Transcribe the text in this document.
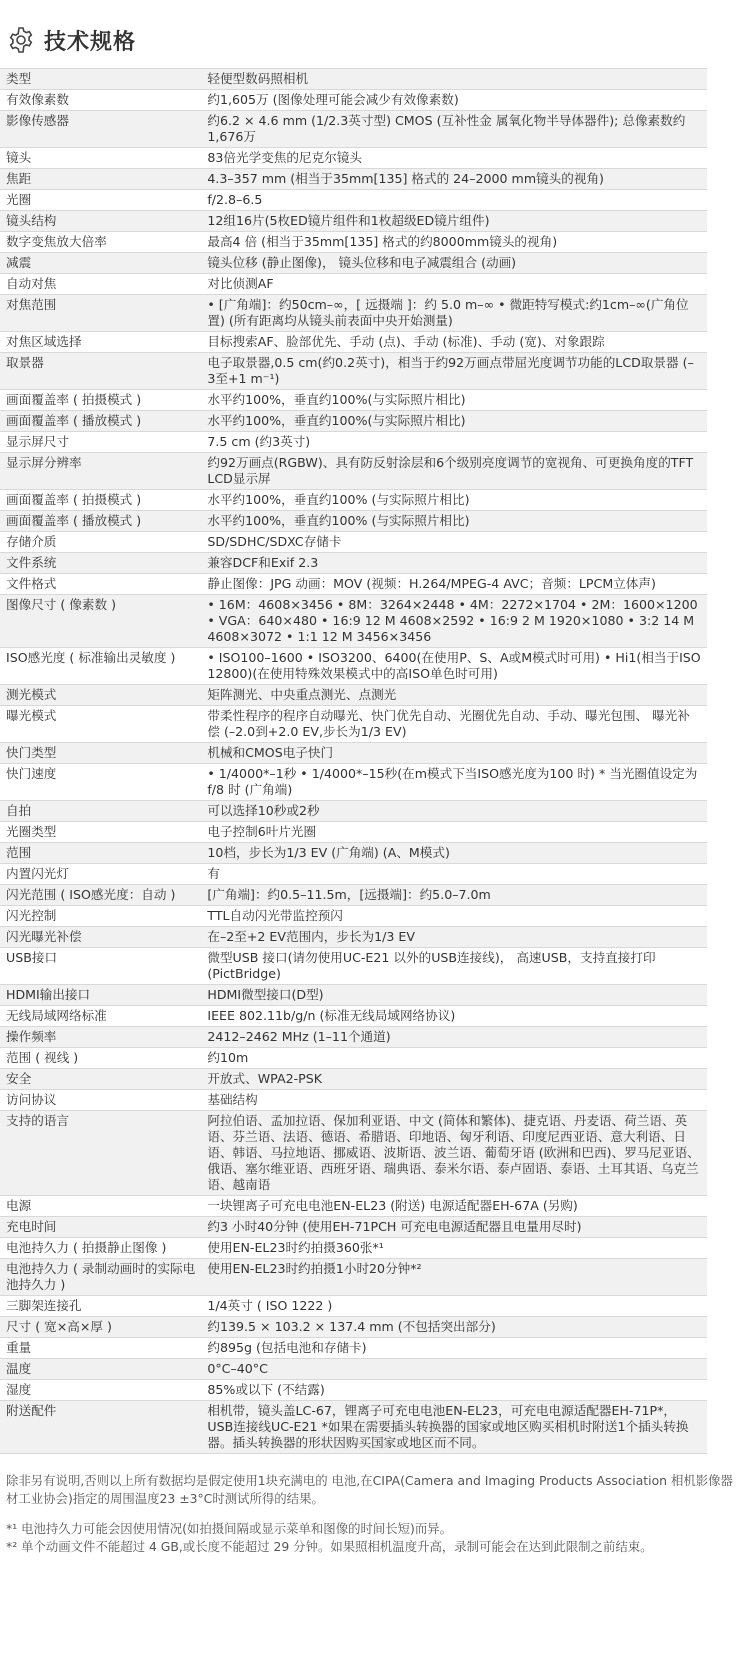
技术规格
类型	轻便型数码照相机
有效像素数	约1,605万 (图像处理可能会减少有效像素数)
影像传感器	约6.2 × 4.6 mm (1/2.3英寸型) CMOS (互补性金 属氧化物半导体器件); 总像素数约1,676万
镜头	83倍光学变焦的尼克尔镜头
焦距	4.3–357 mm (相当于35mm[135] 格式的 24–2000 mm镜头的视角)
光圈	f/2.8–6.5
镜头结构	12组16片(5枚ED镜片组件和1枚超级ED镜片组件)
数字变焦放大倍率	最高4 倍 (相当于35mm[135] 格式的约8000mm镜头的视角)
减震	镜头位移 (静止图像)， 镜头位移和电子减震组合 (动画)
自动对焦	对比侦测AF
对焦范围	• [广角端]：约50cm–∞，[ 远摄端 ]：约 5.0 m–∞ • 微距特写模式:约1cm–∞(广角位置) (所有距离均从镜头前表面中央开始测量)
对焦区域选择	目标搜索AF、脸部优先、手动 (点)、手动 (标准)、手动 (宽)、对象跟踪
取景器	电子取景器,0.5 cm(约0.2英寸)，相当于约92万画点带屈光度调节功能的LCD取景器 (–3至+1 m⁻¹)
画面覆盖率 ( 拍摄模式 )	水平约100%，垂直约100%(与实际照片相比)
画面覆盖率 ( 播放模式 )	水平约100%，垂直约100%(与实际照片相比)
显示屏尺寸	7.5 cm (约3英寸)
显示屏分辨率	约92万画点(RGBW)、具有防反射涂层和6个级别亮度调节的宽视角、可更换角度的TFT LCD显示屏
画面覆盖率 ( 拍摄模式 )	水平约100%，垂直约100% (与实际照片相比)
画面覆盖率 ( 播放模式 )	水平约100%，垂直约100% (与实际照片相比)
存储介质	SD/SDHC/SDXC存储卡
文件系统	兼容DCF和Exif 2.3
文件格式	静止图像：JPG 动画：MOV (视频：H.264/MPEG-4 AVC；音频：LPCM立体声)
图像尺寸 ( 像素数 )	• 16M：4608×3456 • 8M：3264×2448 • 4M：2272×1704 • 2M：1600×1200 • VGA：640×480 • 16:9 12 M 4608×2592 • 16:9 2 M 1920×1080 • 3:2 14 M 4608×3072 • 1:1 12 M 3456×3456
ISO感光度 ( 标准输出灵敏度 )	• ISO100–1600 • ISO3200、6400(在使用P、S、A或M模式时可用) • Hi1(相当于ISO 12800)(在使用特殊效果模式中的高ISO单色时可用)
测光模式	矩阵测光、中央重点测光、点测光
曝光模式	带柔性程序的程序自动曝光、快门优先自动、光圈优先自动、手动、曝光包围、 曝光补偿 (–2.0到+2.0 EV,步长为1/3 EV)
快门类型	机械和CMOS电子快门
快门速度	• 1/4000*–1秒 • 1/4000*–15秒(在m模式下当ISO感光度为100 时) * 当光圈值设定为 f/8 时 (广角端)
自拍	可以选择10秒或2秒
光圈类型	电子控制6叶片光圈
范围	10档，步长为1/3 EV (广角端) (A、M模式)
内置闪光灯	有
闪光范围 ( ISO感光度：自动 )	[广角端]：约0.5–11.5m，[远摄端]：约5.0–7.0m
闪光控制	TTL自动闪光带监控预闪
闪光曝光补偿	在–2至+2 EV范围内，步长为1/3 EV
USB接口	微型USB 接口(请勿使用UC-E21 以外的USB连接线)， 高速USB，支持直接打印(PictBridge)
HDMI输出接口	HDMI微型接口(D型)
无线局域网络标准	IEEE 802.11b/g/n (标准无线局域网络协议)
操作频率	2412–2462 MHz (1–11个通道)
范围 ( 视线 )	约10m
安全	开放式、WPA2-PSK
访问协议	基础结构
支持的语言	阿拉伯语、孟加拉语、保加利亚语、中文 (简体和繁体)、捷克语、丹麦语、荷兰语、英语、芬兰语、法语、德语、希腊语、印地语、匈牙利语、印度尼西亚语、意大利语、日语、韩语、马拉地语、挪威语、波斯语、波兰语、葡萄牙语 (欧洲和巴西)、罗马尼亚语、俄语、塞尔维亚语、西班牙语、瑞典语、泰米尔语、泰卢固语、泰语、土耳其语、乌克兰语、越南语
电源	一块锂离子可充电电池EN-EL23 (附送) 电源适配器EH-67A (另购)
充电时间	约3 小时40分钟 (使用EH-71PCH 可充电电源适配器且电量用尽时)
电池持久力 ( 拍摄静止图像 )	使用EN-EL23时约拍摄360张*¹
电池持久力 ( 录制动画时的实际电池持久力 )	使用EN-EL23时约拍摄1小时20分钟*²
三脚架连接孔	1/4英寸 ( ISO 1222 )
尺寸 ( 宽×高×厚 )	约139.5 × 103.2 × 137.4 mm (不包括突出部分)
重量	约895g (包括电池和存储卡)
温度	0°C–40°C
湿度	85%或以下 (不结露)
附送配件	相机带，镜头盖LC-67，锂离子可充电电池EN-EL23，可充电电源适配器EH-71P*，USB连接线UC-E21 *如果在需要插头转换器的国家或地区购买相机时附送1个插头转换器。插头转换器的形状因购买国家或地区而不同。

除非另有说明,否则以上所有数据均是假定使用1块充满电的 电池,在CIPA(Camera and Imaging Products Association 相机影像器材工业协会)指定的周围温度23 ±3°C时测试所得的结果。

*¹ 电池持久力可能会因使用情况(如拍摄间隔或显示菜单和图像的时间长短)而异。

*² 单个动画文件不能超过 4 GB,或长度不能超过 29 分钟。如果照相机温度升高，录制可能会在达到此限制之前结束。
